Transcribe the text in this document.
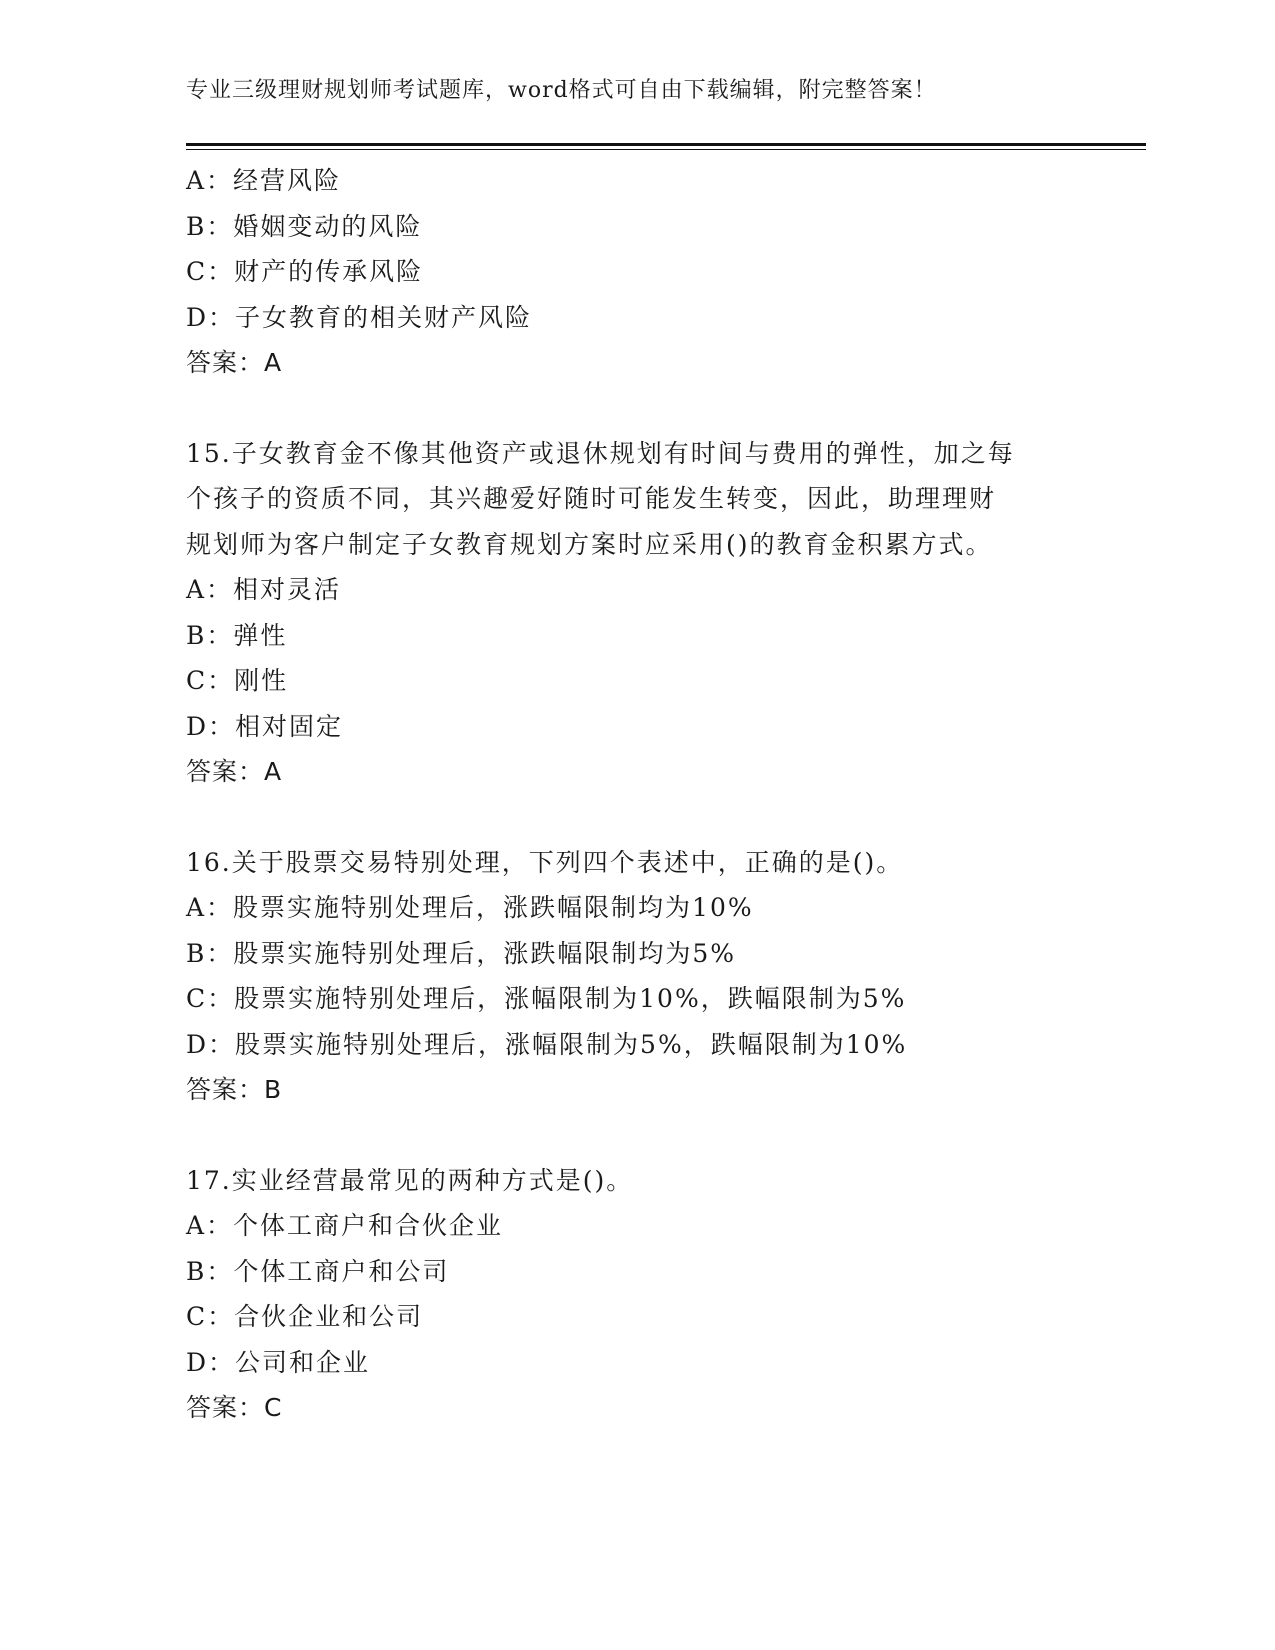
专业三级理财规划师考试题库，word格式可自由下载编辑，附完整答案！
A：经营风险
B：婚姻变动的风险
C：财产的传承风险
D：子女教育的相关财产风险
答案：A
15.子女教育金不像其他资产或退休规划有时间与费用的弹性，加之每
个孩子的资质不同，其兴趣爱好随时可能发生转变，因此，助理理财
规划师为客户制定子女教育规划方案时应采用()的教育金积累方式。
A：相对灵活
B：弹性
C：刚性
D：相对固定
答案：A
16.关于股票交易特别处理，下列四个表述中，正确的是()。
A：股票实施特别处理后，涨跌幅限制均为10%
B：股票实施特别处理后，涨跌幅限制均为5%
C：股票实施特别处理后，涨幅限制为10%，跌幅限制为5%
D：股票实施特别处理后，涨幅限制为5%，跌幅限制为10%
答案：B
17.实业经营最常见的两种方式是()。
A：个体工商户和合伙企业
B：个体工商户和公司
C：合伙企业和公司
D：公司和企业
答案：C
